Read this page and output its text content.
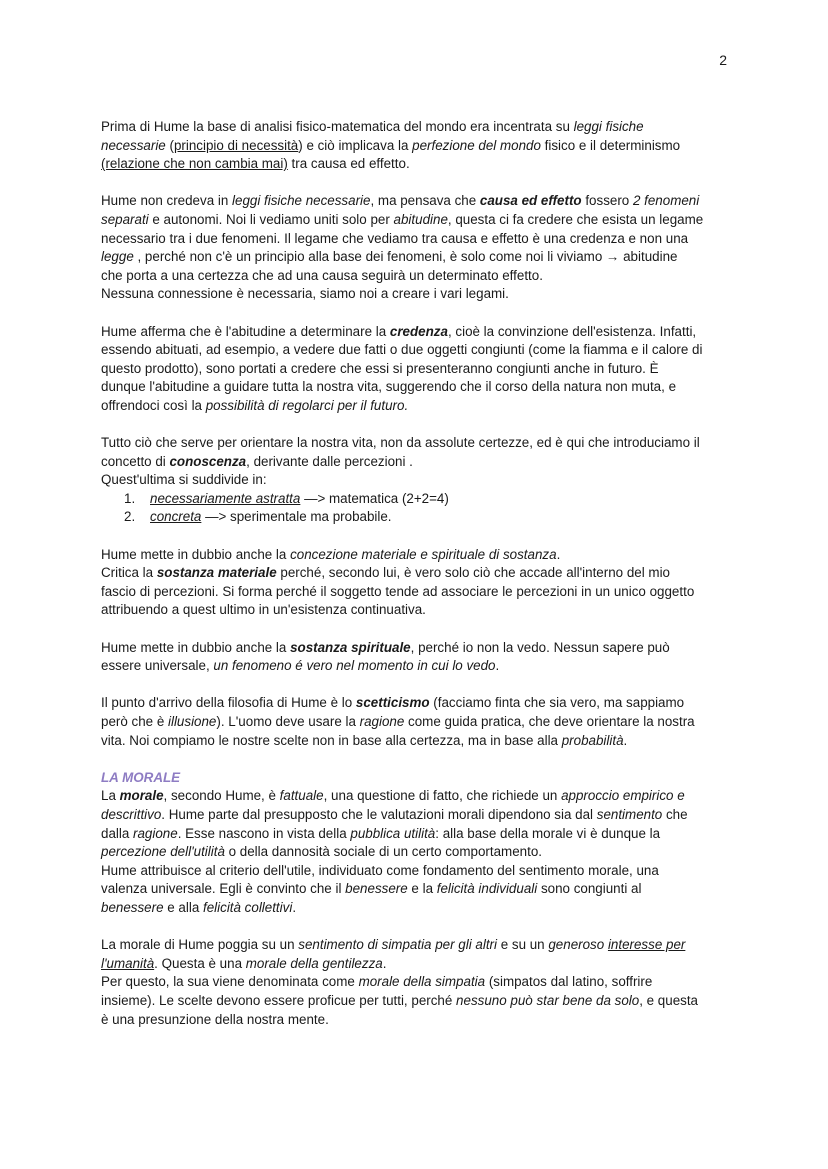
2

Prima di Hume la base di analisi fisico-matematica del mondo era incentrata su leggi fisiche
necessarie (principio di necessità) e ciò implicava la perfezione del mondo fisico e il determinismo
(relazione che non cambia mai) tra causa ed effetto.

Hume non credeva in leggi fisiche necessarie, ma pensava che causa ed effetto fossero 2 fenomeni
separati e autonomi. Noi li vediamo uniti solo per abitudine, questa ci fa credere che esista un legame
necessario tra i due fenomeni. Il legame che vediamo tra causa e effetto è una credenza e non una
legge , perché non c'è un principio alla base dei fenomeni, è solo come noi li viviamo → abitudine
che porta a una certezza che ad una causa seguirà un determinato effetto.
Nessuna connessione è necessaria, siamo noi a creare i vari legami.

Hume afferma che è l'abitudine a determinare la credenza, cioè la convinzione dell'esistenza. Infatti,
essendo abituati, ad esempio, a vedere due fatti o due oggetti congiunti (come la fiamma e il calore di
questo prodotto), sono portati a credere che essi si presenteranno congiunti anche in futuro. È
dunque l'abitudine a guidare tutta la nostra vita, suggerendo che il corso della natura non muta, e
offrendoci così la possibilità di regolarci per il futuro.

Tutto ciò che serve per orientare la nostra vita, non da assolute certezze, ed è qui che introduciamo il
concetto di conoscenza, derivante dalle percezioni .
Quest'ultima si suddivide in:

1. necessariamente astratta —> matematica (2+2=4)
2. concreta —> sperimentale ma probabile.

Hume mette in dubbio anche la concezione materiale e spirituale di sostanza.
Critica la sostanza materiale perché, secondo lui, è vero solo ciò che accade all'interno del mio
fascio di percezioni. Si forma perché il soggetto tende ad associare le percezioni in un unico oggetto
attribuendo a quest ultimo in un'esistenza continuativa.

Hume mette in dubbio anche la sostanza spirituale, perché io non la vedo. Nessun sapere può
essere universale, un fenomeno é vero nel momento in cui lo vedo.

Il punto d'arrivo della filosofia di Hume è lo scetticismo (facciamo finta che sia vero, ma sappiamo
però che è illusione). L'uomo deve usare la ragione come guida pratica, che deve orientare la nostra
vita. Noi compiamo le nostre scelte non in base alla certezza, ma in base alla probabilità.

LA MORALE

La morale, secondo Hume, è fattuale, una questione di fatto, che richiede un approccio empirico e
descrittivo. Hume parte dal presupposto che le valutazioni morali dipendono sia dal sentimento che
dalla ragione. Esse nascono in vista della pubblica utilità: alla base della morale vi è dunque la
percezione dell'utilità o della dannosità sociale di un certo comportamento.
Hume attribuisce al criterio dell'utile, individuato come fondamento del sentimento morale, una
valenza universale. Egli è convinto che il benessere e la felicità individuali sono congiunti al
benessere e alla felicità collettivi.

La morale di Hume poggia su un sentimento di simpatia per gli altri e su un generoso interesse per
l'umanità. Questa è una morale della gentilezza.
Per questo, la sua viene denominata come morale della simpatia (simpatos dal latino, soffrire
insieme). Le scelte devono essere proficue per tutti, perché nessuno può star bene da solo, e questa
è una presunzione della nostra mente.
